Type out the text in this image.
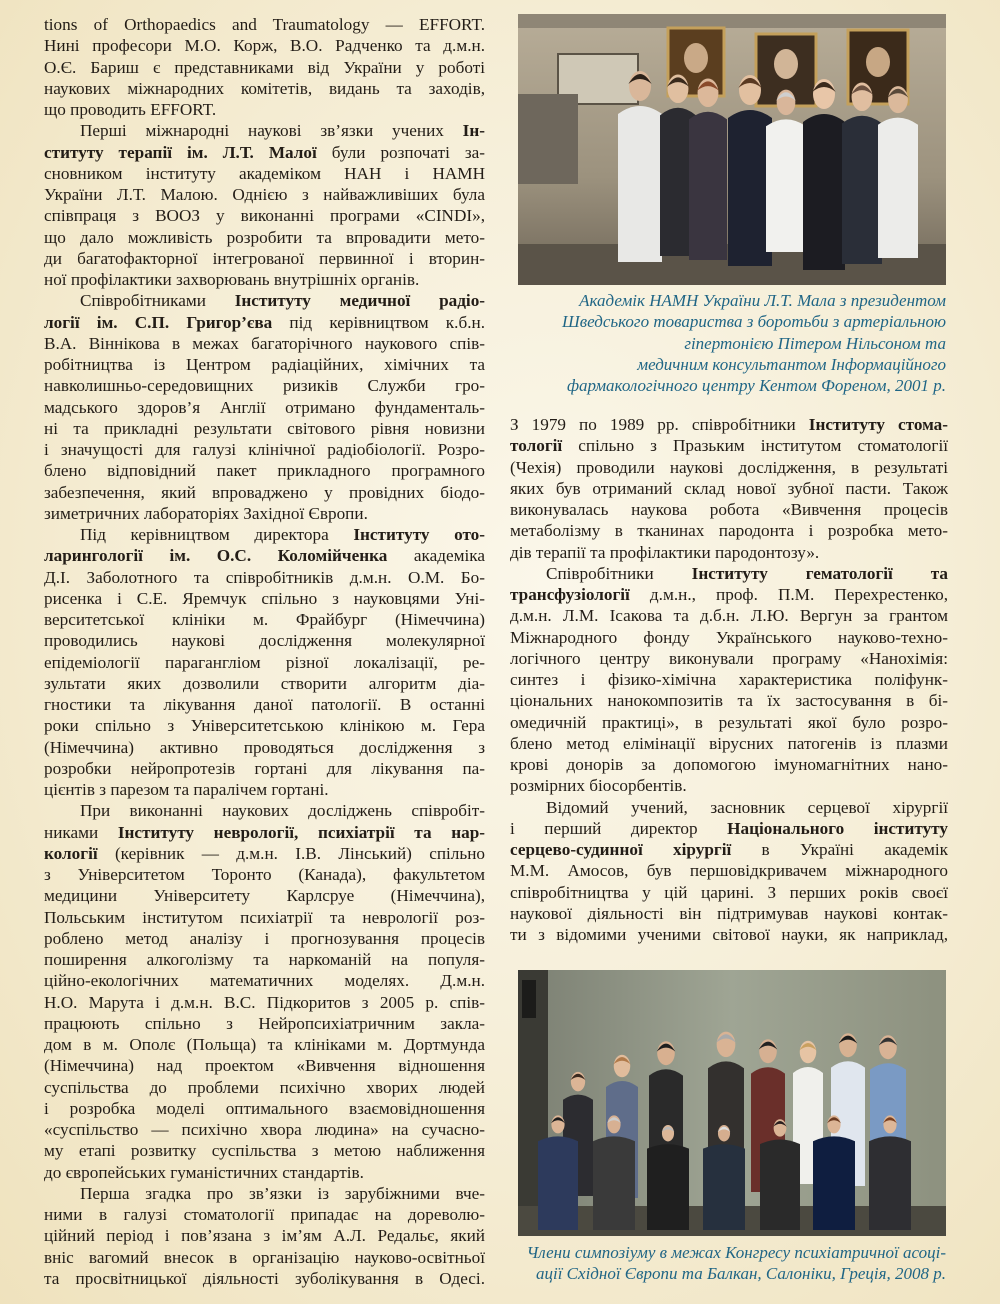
tions of Orthopaedics and Traumatology — EFFORT.
Нині професори М.О. Корж, В.О. Радченко та д.м.н.
О.Є. Бариш є представниками від України у роботі
наукових міжнародних комітетів, видань та заходів,
що проводить EFFORT.
Перші міжнародні наукові зв’язки учених Ін-
ституту терапії ім. Л.Т. Малої були розпочаті за-
сновником інституту академіком НАН і НАМН
України Л.Т. Малою. Однією з найважливіших була
співпраця з ВООЗ у виконанні програми «CINDI»,
що дало можливість розробити та впровадити мето-
ди багатофакторної інтегрованої первинної і вторин-
ної профілактики захворювань внутрішніх органів.
Співробітниками Інституту медичної радіо-
логії ім. С.П. Григор’єва під керівництвом к.б.н.
В.А. Віннікова в межах багаторічного наукового спів-
робітництва із Центром радіаційних, хімічних та
навколишньо-середовищних ризиків Служби гро-
мадського здоров’я Англії отримано фундаменталь-
ні та прикладні результати світового рівня новизни
і значущості для галузі клінічної радіобіології. Розро-
блено відповідний пакет прикладного програмного
забезпечення, який впроваджено у провідних біодо-
зиметричних лабораторіях Західної Європи.
Під керівництвом директора Інституту ото-
ларингології ім. О.С. Коломійченка академіка
Д.І. Заболотного та співробітників д.м.н. О.М. Бо-
рисенка і С.Е. Яремчук спільно з науковцями Уні-
верситетської клініки м. Фрайбург (Німеччина)
проводились наукові дослідження молекулярної
епідеміології парагангліом різної локалізації, ре-
зультати яких дозволили створити алгоритм діа-
гностики та лікування даної патології. В останні
роки спільно з Університетською клінікою м. Гера
(Німеччина) активно проводяться дослідження з
розробки нейропротезів гортані для лікування па-
цієнтів з парезом та паралічем гортані.
При виконанні наукових досліджень співробіт-
никами Інституту неврології, психіатрії та нар-
кології (керівник — д.м.н. І.В. Лінський) спільно
з Університетом Торонто (Канада), факультетом
медицини Університету Карлсруе (Німеччина),
Польським інститутом психіатрії та неврології роз-
роблено метод аналізу і прогнозування процесів
поширення алкоголізму та наркоманій на популя-
ційно-екологічних математичних моделях. Д.м.н.
Н.О. Марута і д.м.н. В.С. Підкоритов з 2005 р. спів-
працюють спільно з Нейропсихіатричним закла-
дом в м. Ополє (Польща) та клініками м. Дортмунда
(Німеччина) над проектом «Вивчення відношення
суспільства до проблеми психічно хворих людей
і розробка моделі оптимального взаємовідношення
«суспільство — психічно хвора людина» на сучасно-
му етапі розвитку суспільства з метою наближення
до європейських гуманістичних стандартів.
Перша згадка про зв’язки із зарубіжними вче-
ними в галузі стоматології припадає на дореволю-
ційний період і пов’язана з ім’ям А.Л. Редальє, який
вніс вагомий внесок в організацію науково-освітньої
та просвітницької діяльності зуболікування в Одесі.
З 1979 по 1989 рр. співробітники Інституту стома-
тології спільно з Празьким інститутом стоматології
(Чехія) проводили наукові дослідження, в результаті
яких був отриманий склад нової зубної пасти. Також
виконувалась наукова робота «Вивчення процесів
метаболізму в тканинах пародонта і розробка мето-
дів терапії та профілактики пародонтозу».
Співробітники Інституту гематології та
трансфузіології д.м.н., проф. П.М. Перехрестенко,
д.м.н. Л.М. Ісакова та д.б.н. Л.Ю. Вергун за грантом
Міжнародного фонду Українського науково-техно-
логічного центру виконували програму «Нанохімія:
синтез і фізико-хімічна характеристика поліфунк-
ціональних нанокомпозитів та їх застосування в бі-
омедичній практиці», в результаті якої було розро-
блено метод елімінації вірусних патогенів із плазми
крові донорів за допомогою імуномагнітних нано-
розмірних біосорбентів.
Відомий учений, засновник серцевої хірургії
і перший директор Національного інституту
серцево-судинної хірургії в Україні академік
М.М. Амосов, був першовідкривачем міжнародного
співробітництва у цій царині. З перших років своєї
наукової діяльності він підтримував наукові контак-
ти з відомими ученими світової науки, як наприклад,
Академік НАМН України Л.Т. Мала з президентом
Шведського товариства з боротьби з артеріальною
гіпертонією Пітером Нільсоном та
медичним консультантом Інформаційного
фармакологічного центру Кентом Фореном, 2001 р.
Члени симпозіуму в межах Конгресу психіатричної асоці-
ації Східної Європи та Балкан, Салоніки, Греція, 2008 р.
